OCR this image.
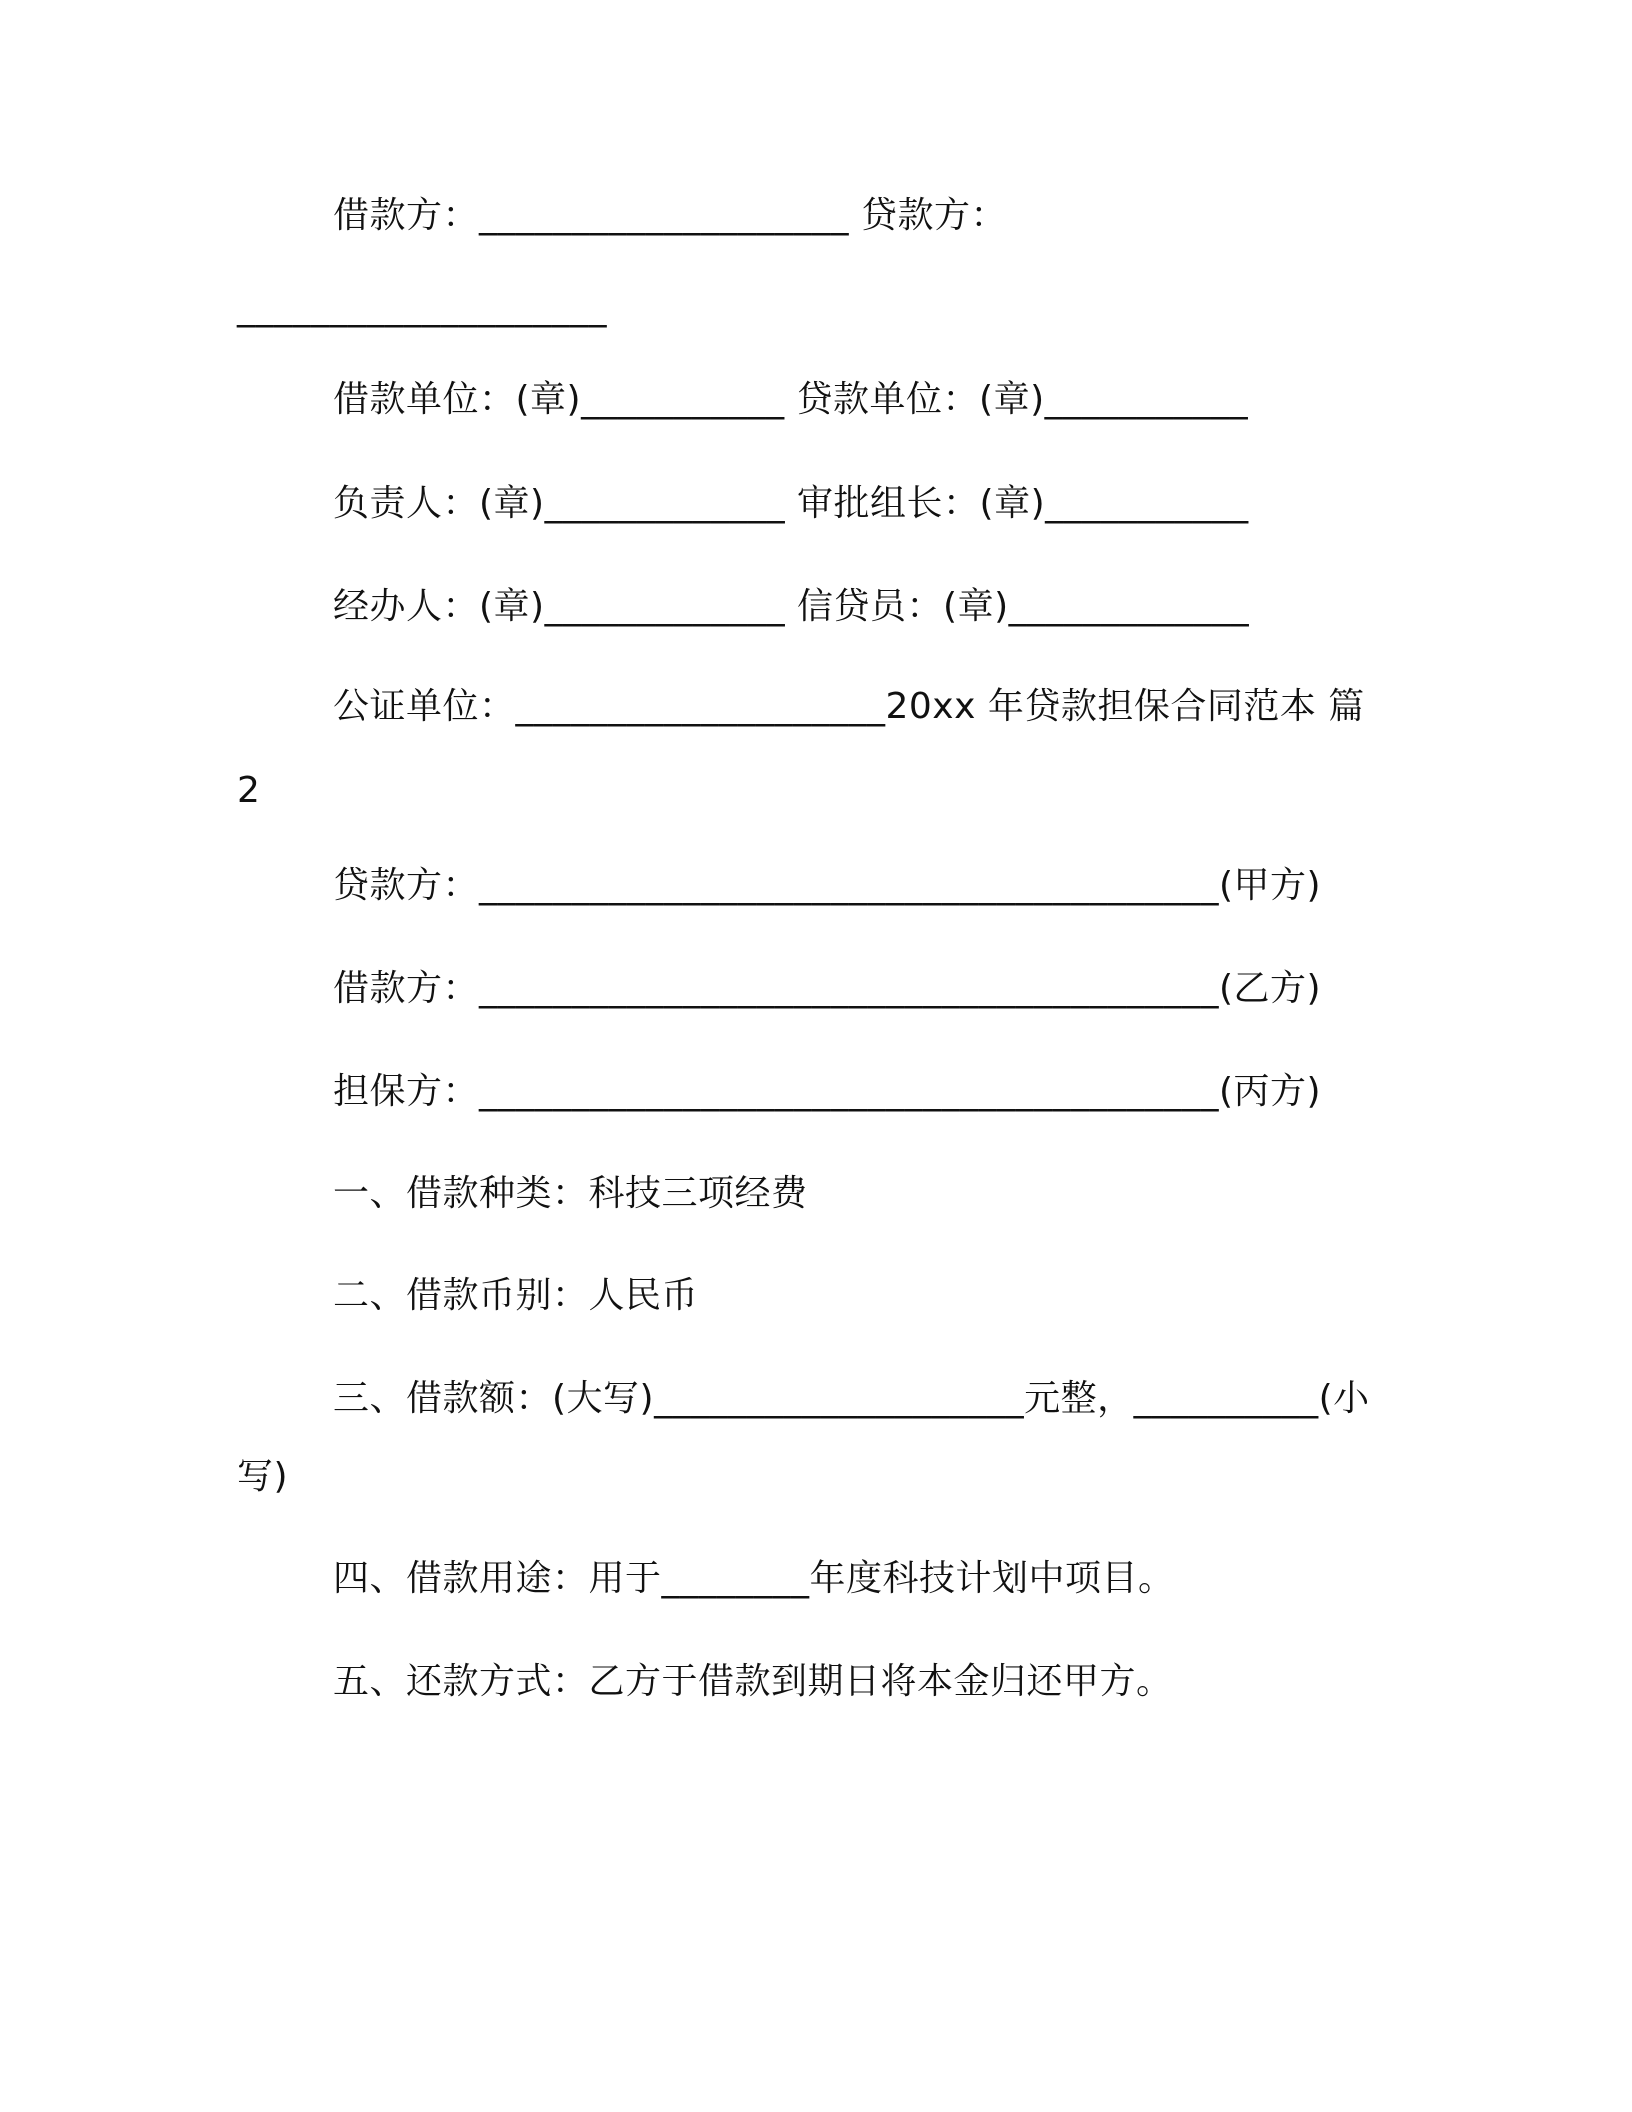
借款方：____________________ 贷款方：
____________________
借款单位：(章)___________ 贷款单位：(章)___________
负责人：(章)_____________ 审批组长：(章)___________
经办人：(章)_____________ 信贷员：(章)_____________
公证单位：____________________20xx 年贷款担保合同范本 篇
2
贷款方：________________________________________(甲方)
借款方：________________________________________(乙方)
担保方：________________________________________(丙方)
一、借款种类：科技三项经费
二、借款币别：人民币
三、借款额：(大写)____________________元整，__________(小
写)
四、借款用途：用于________年度科技计划中项目。
五、还款方式：乙方于借款到期日将本金归还甲方。
